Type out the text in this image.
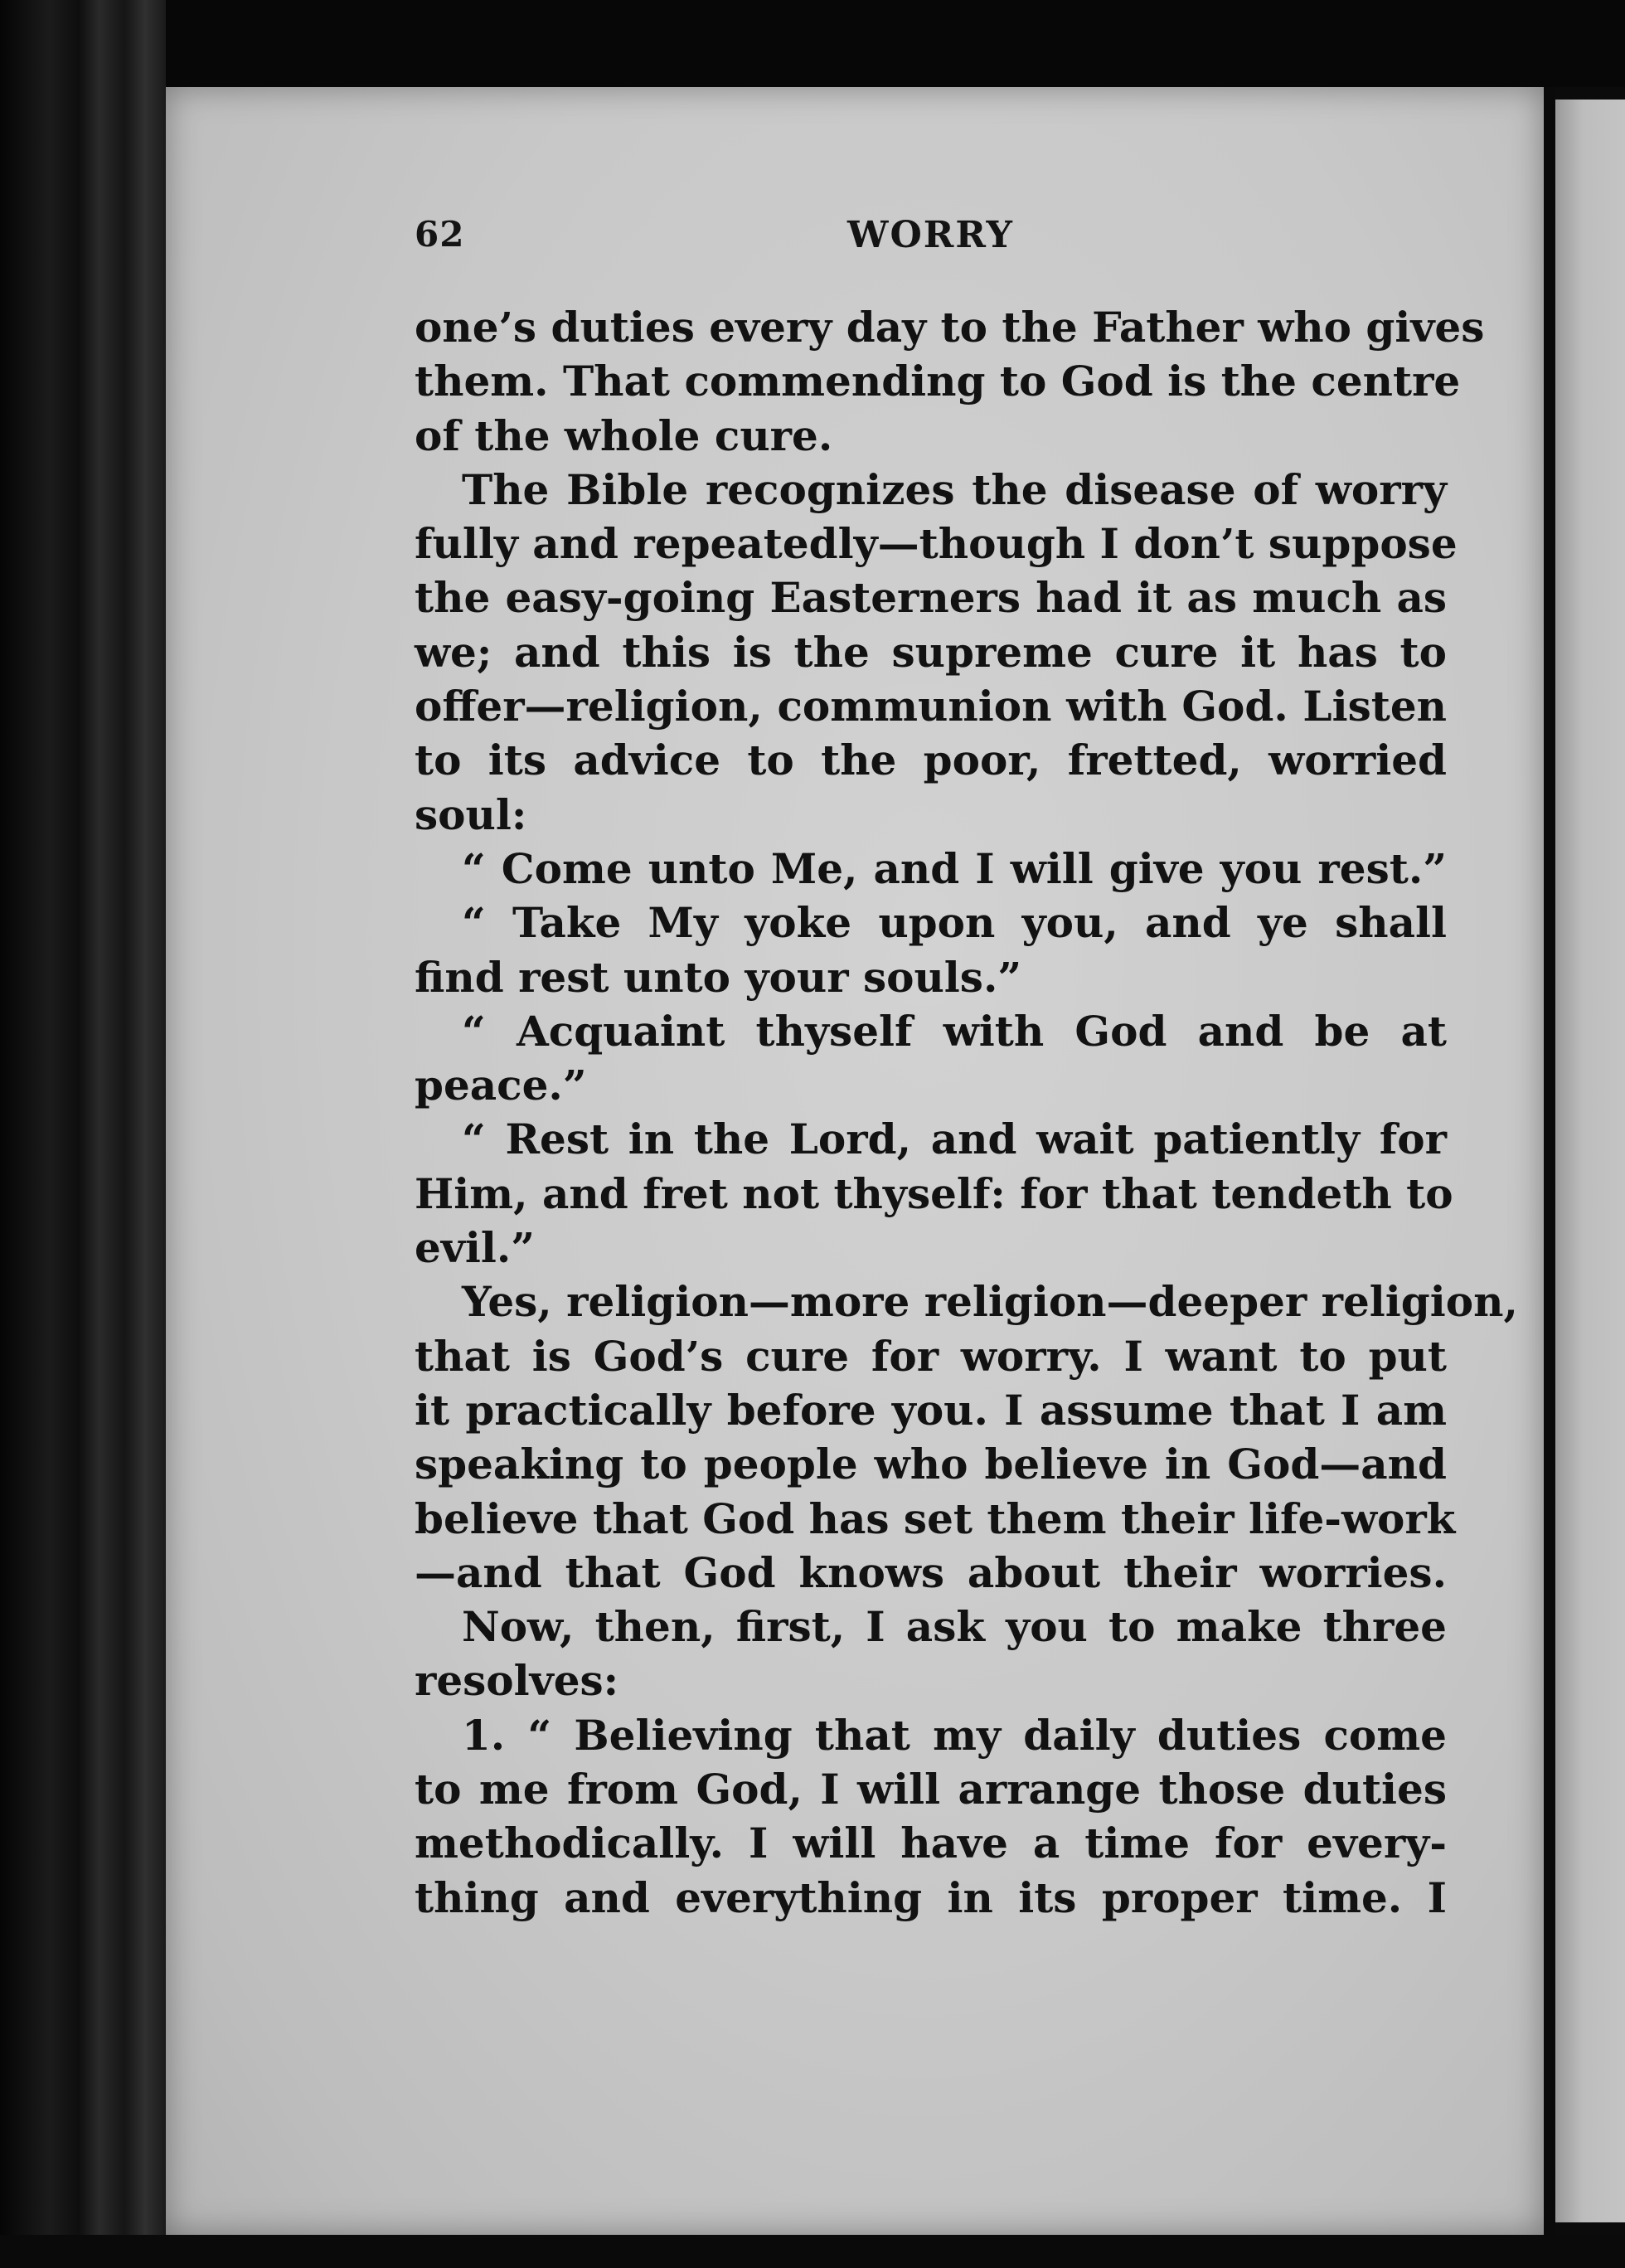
62	WORRY
one’s duties every day to the Father who gives
them. That commending to God is the centre
of the whole cure.
The Bible recognizes the disease of worry
fully and repeatedly—though I don’t suppose
the easy-going Easterners had it as much as
we; and this is the supreme cure it has to
offer—religion, communion with God. Listen
to its advice to the poor, fretted, worried
soul:
“ Come unto Me, and I will give you rest.”
“ Take My yoke upon you, and ye shall
find rest unto your souls.”
“ Acquaint thyself with God and be at
peace.”
“ Rest in the Lord, and wait patiently for
Him, and fret not thyself: for that tendeth to
evil.”
Yes, religion—more religion—deeper religion,
that is God’s cure for worry. I want to put
it practically before you. I assume that I am
speaking to people who believe in God—and
believe that God has set them their life-work
—and that God knows about their worries.
Now, then, first, I ask you to make three
resolves:
1. “ Believing that my daily duties come
to me from God, I will arrange those duties
methodically. I will have a time for every-
thing and everything in its proper time. I
